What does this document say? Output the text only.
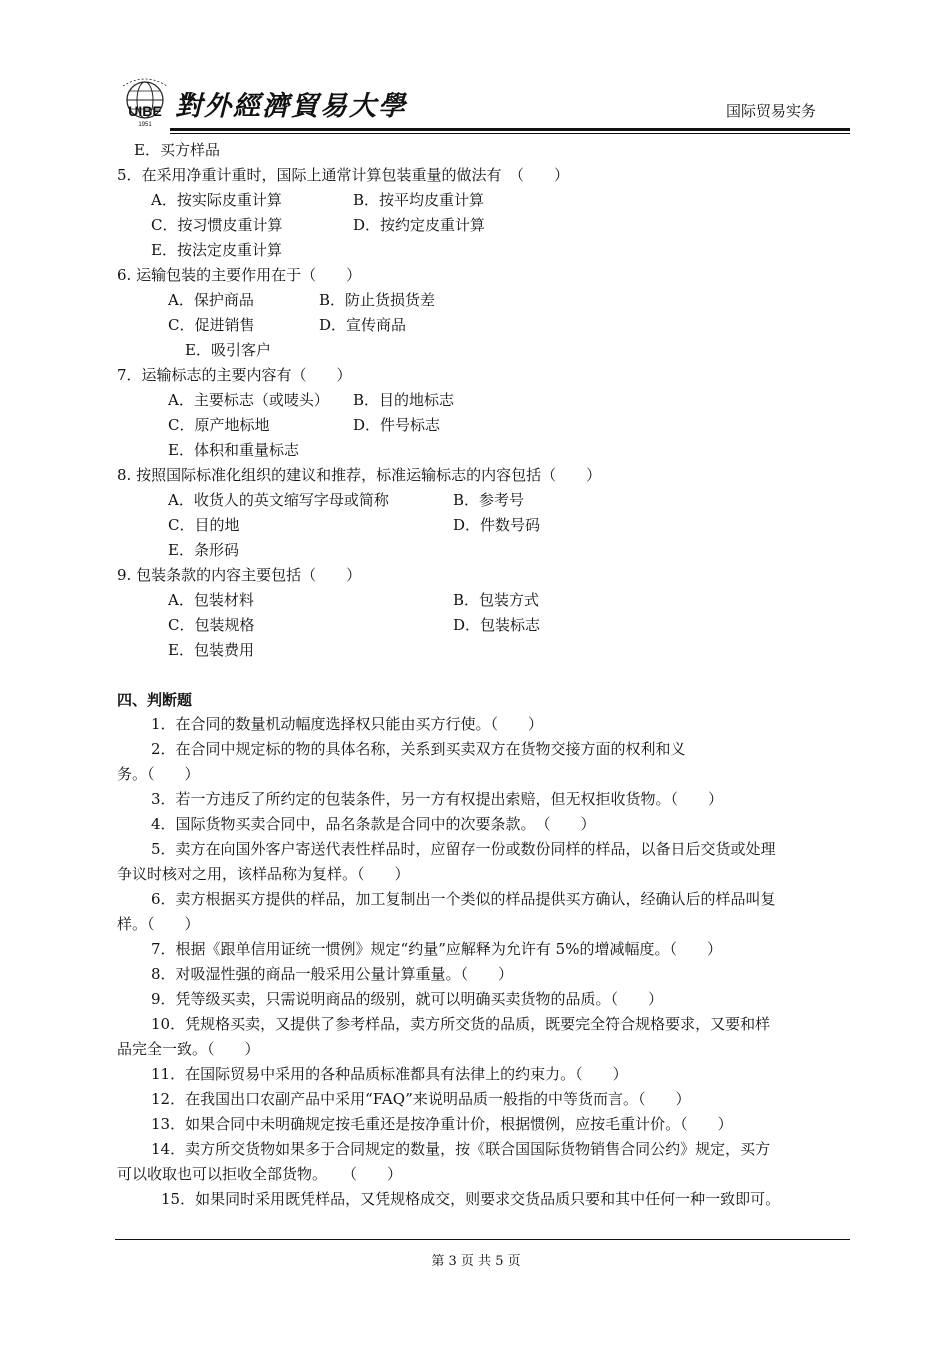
UIBE
1951
對外經濟貿易大學	国际贸易实务
E．买方样品
5．在采用净重计重时，国际上通常计算包装重量的做法有　（　　）
A．按实际皮重计算	B．按平均皮重计算
C．按习惯皮重计算	D．按约定皮重计算
E．按法定皮重计算
6. 运输包装的主要作用在于（　　）
A．保护商品	B．防止货损货差
C．促进销售	D．宣传商品
E．吸引客户
7．运输标志的主要内容有（　　）
A．主要标志（或唛头） B．目的地标志
C．原产地标地	D．件号标志
E．体积和重量标志
8. 按照国际标准化组织的建议和推荐，标准运输标志的内容包括（　　）
A．收货人的英文缩写字母或简称	B．参考号
C．目的地	D．件数号码
E．条形码
9. 包装条款的内容主要包括（　　）
A．包装材料	B．包装方式
C．包装规格	D．包装标志
E．包装费用
四、判断题
1．在合同的数量机动幅度选择权只能由买方行使。（　　）
2．在合同中规定标的物的具体名称，关系到买卖双方在货物交接方面的权利和义
务。（　　）
3．若一方违反了所约定的包装条件，另一方有权提出索赔，但无权拒收货物。（　　）
4．国际货物买卖合同中，品名条款是合同中的次要条款。　（　　）
5．卖方在向国外客户寄送代表性样品时，应留存一份或数份同样的样品，以备日后交货或处理
争议时核对之用，该样品称为复样。（　　）
6．卖方根据买方提供的样品，加工复制出一个类似的样品提供买方确认，经确认后的样品叫复
样。（　　）
7．根据《跟单信用证统一惯例》规定“约量”应解释为允许有 5%的增减幅度。（　　）
8．对吸湿性强的商品一般采用公量计算重量。（　　）
9．凭等级买卖，只需说明商品的级别，就可以明确买卖货物的品质。（　　）
10．凭规格买卖，又提供了参考样品，卖方所交货的品质，既要完全符合规格要求，又要和样
品完全一致。（　　）
11．在国际贸易中采用的各种品质标准都具有法律上的约束力。（　　）
12．在我国出口农副产品中采用“FAQ”来说明品质一般指的中等货而言。（　　）
13．如果合同中未明确规定按毛重还是按净重计价，根据惯例，应按毛重计价。（　　）
14．卖方所交货物如果多于合同规定的数量，按《联合国国际货物销售合同公约》规定，买方
可以收取也可以拒收全部货物。　　（　　）
15．如果同时采用既凭样品，又凭规格成交，则要求交货品质只要和其中任何一种一致即可。
第 3 页 共 5 页
